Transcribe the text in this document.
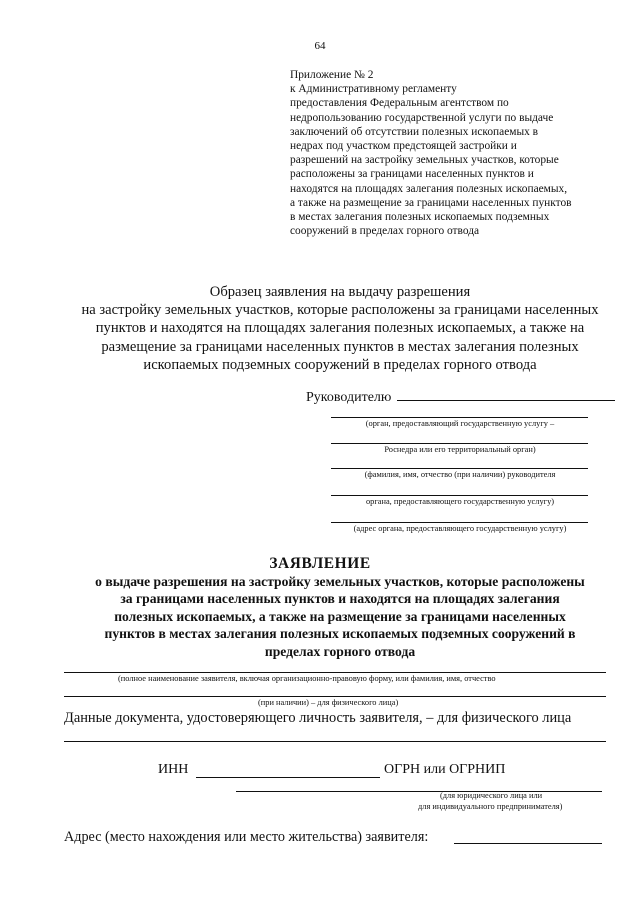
64
Приложение № 2
к Административному регламенту
предоставления Федеральным агентством по
недропользованию государственной услуги по выдаче
заключений об отсутствии полезных ископаемых в
недрах под участком предстоящей застройки и
разрешений на застройку земельных участков, которые
расположены за границами населенных пунктов и
находятся на площадях залегания полезных ископаемых,
а также на размещение за границами населенных пунктов
в местах залегания полезных ископаемых подземных
сооружений в пределах горного отвода
Образец заявления на выдачу разрешения
на застройку земельных участков, которые расположены за границами населенных
пунктов и находятся на площадях залегания полезных ископаемых, а также на
размещение за границами населенных пунктов в местах залегания полезных
ископаемых подземных сооружений в пределах горного отвода
Руководителю
(орган, предоставляющий государственную услугу –
Роснедра или его территориальный орган)
(фамилия, имя, отчество (при наличии) руководителя
органа, предоставляющего государственную услугу)
(адрес органа, предоставляющего государственную услугу)
ЗАЯВЛЕНИЕ
о выдаче разрешения на застройку земельных участков, которые расположены
за границами населенных пунктов и находятся на площадях залегания
полезных ископаемых, а также на размещение за границами населенных
пунктов в местах залегания полезных ископаемых подземных сооружений в
пределах горного отвода
(полное наименование заявителя, включая организационно-правовую форму, или фамилия, имя, отчество
(при наличии) – для физического лица)
Данные документа, удостоверяющего личность заявителя, – для физического лица
ИНН	ОГРН или ОГРНИП
(для юридического лица или
для индивидуального предпринимателя)
Адрес (место нахождения или место жительства) заявителя:
